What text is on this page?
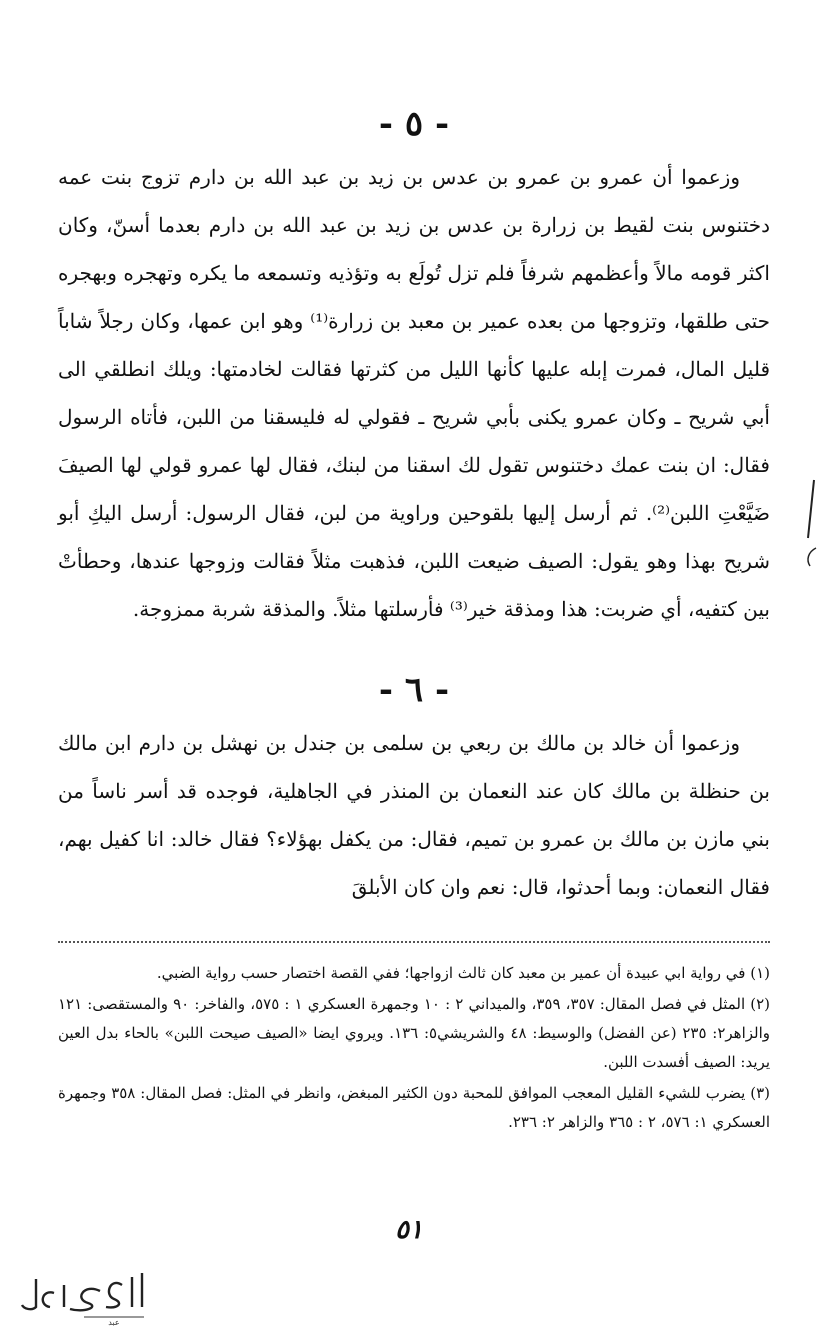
- ٥ -

وزعموا أن عمرو بن عمرو بن عدس بن زيد بن عبد الله بن دارم تزوج بنت عمه دختنوس بنت لقيط بن زرارة بن عدس بن زيد بن عبد الله بن دارم بعدما أسنّ، وكان اكثر قومه مالاً وأعظمهم شرفاً فلم تزل تُولَع به وتؤذيه وتسمعه ما يكره وتهجره وبهجره حتى طلقها، وتزوجها من بعده عمير بن معبد بن زرارة⁽¹⁾ وهو ابن عمها، وكان رجلاً شاباً قليل المال، فمرت إبله عليها كأنها الليل من كثرتها فقالت لخادمتها: ويلك انطلقي الى أبي شريح ـ وكان عمرو يكنى بأبي شريح ـ فقولي له فليسقنا من اللبن، فأتاه الرسول فقال: ان بنت عمك دختنوس تقول لك اسقنا من لبنك، فقال لها عمرو قولي لها الصيفَ ضَيَّعْتِ اللبن⁽²⁾. ثم أرسل إليها بلقوحين وراوية من لبن، فقال الرسول: أرسل اليكِ أبو شريح بهذا وهو يقول: الصيف ضيعت اللبن، فذهبت مثلاً فقالت وزوجها عندها، وحطأتْ بين كتفيه، أي ضربت: هذا ومذقة خير⁽³⁾ فأرسلتها مثلاً. والمذقة شربة ممزوجة.

- ٦ -

وزعموا أن خالد بن مالك بن ربعي بن سلمى بن جندل بن نهشل بن دارم ابن مالك بن حنظلة بن مالك كان عند النعمان بن المنذر في الجاهلية، فوجده قد أسر ناساً من بني مازن بن مالك بن عمرو بن تميم، فقال: من يكفل بهؤلاء؟ فقال خالد: انا كفيل بهم، فقال النعمان: وبما أحدثوا، قال: نعم وان كان الأبلقَ

(١) في رواية ابي عبيدة أن عمير بن معبد كان ثالث ازواجها؛ ففي القصة اختصار حسب رواية الضبي.

(٢) المثل في فصل المقال: ٣٥٧، ٣٥٩، والميداني ٢ : ١٠ وجمهرة العسكري ١ : ٥٧٥، والفاخر: ٩٠ والمستقصى: ١٢١ والزاهر٢: ٢٣٥ (عن الفضل) والوسيط: ٤٨ والشريشي٥: ١٣٦. ويروي ايضا «الصيف صيحت اللبن» بالحاء بدل العين يريد: الصيف أفسدت اللبن.

(٣) يضرب للشيء القليل المعجب الموافق للمحبة دون الكثير المبغض، وانظر في المثل: فصل المقال: ٣٥٨ وجمهرة العسكري ١: ٥٧٦، ٢ : ٣٦٥ والزاهر ٢: ٢٣٦.

٥١
ﻋﺒﺪ
